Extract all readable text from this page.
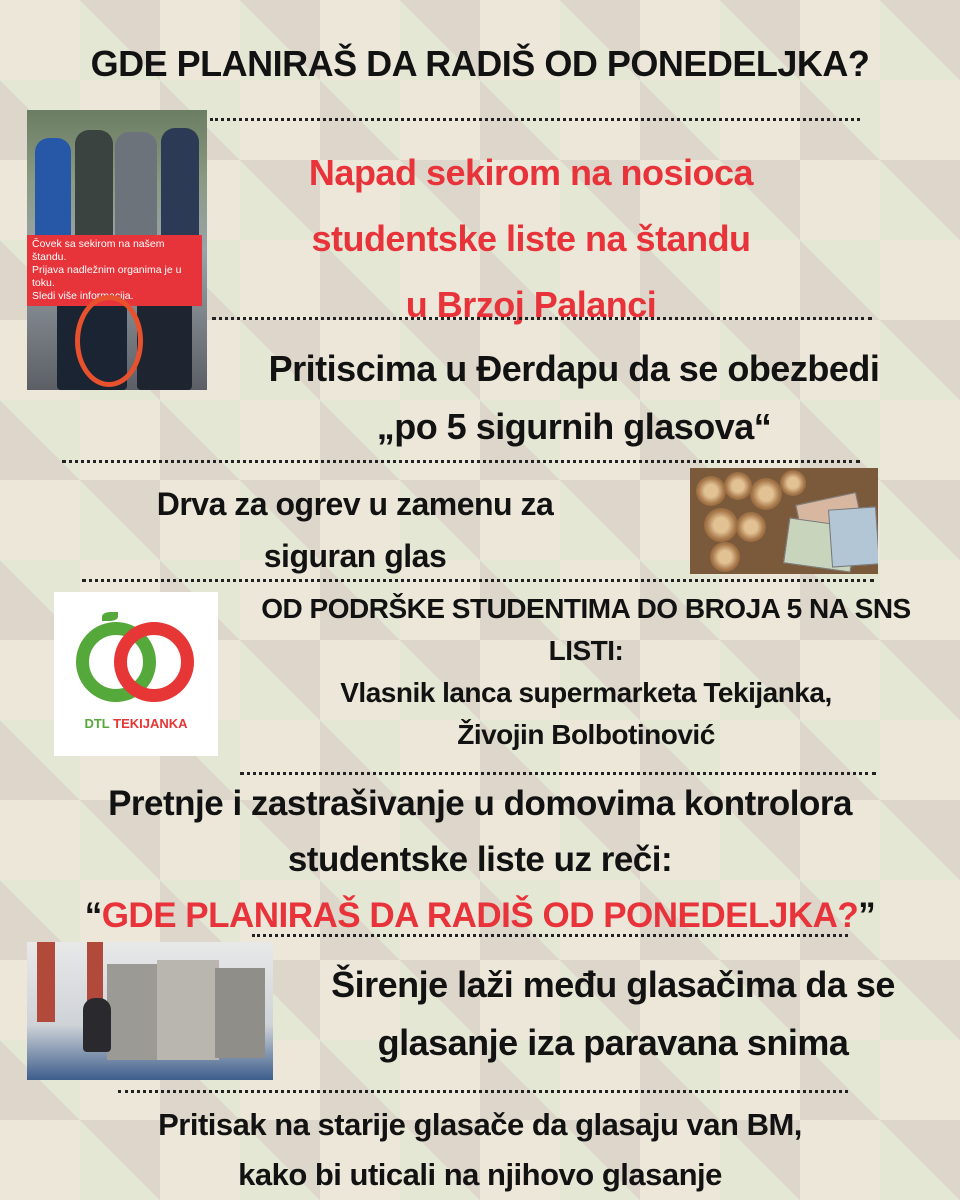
GDE PLANIRAŠ DA RADIŠ OD PONEDELJKA?
Čovek sa sekirom na našem štandu.
Prijava nadležnim organima je u toku.
Sledi više informacija.
Napad sekirom na nosioca
studentske liste na štandu
u Brzoj Palanci
Pritiscima u Đerdapu da se obezbedi
„po 5 sigurnih glasova“
Drva za ogrev u zamenu za
siguran glas
DTL TEKIJANKA
OD PODRŠKE STUDENTIMA DO BROJA 5 NA SNS
LISTI:
Vlasnik lanca supermarketa Tekijanka,
Živojin Bolbotinović
Pretnje i zastrašivanje u domovima kontrolora
studentske liste uz reči:
“GDE PLANIRAŠ DA RADIŠ OD PONEDELJKA?”
Širenje laži među glasačima da se
glasanje iza paravana snima
Pritisak na starije glasače da glasaju van BM,
kako bi uticali na njihovo glasanje
